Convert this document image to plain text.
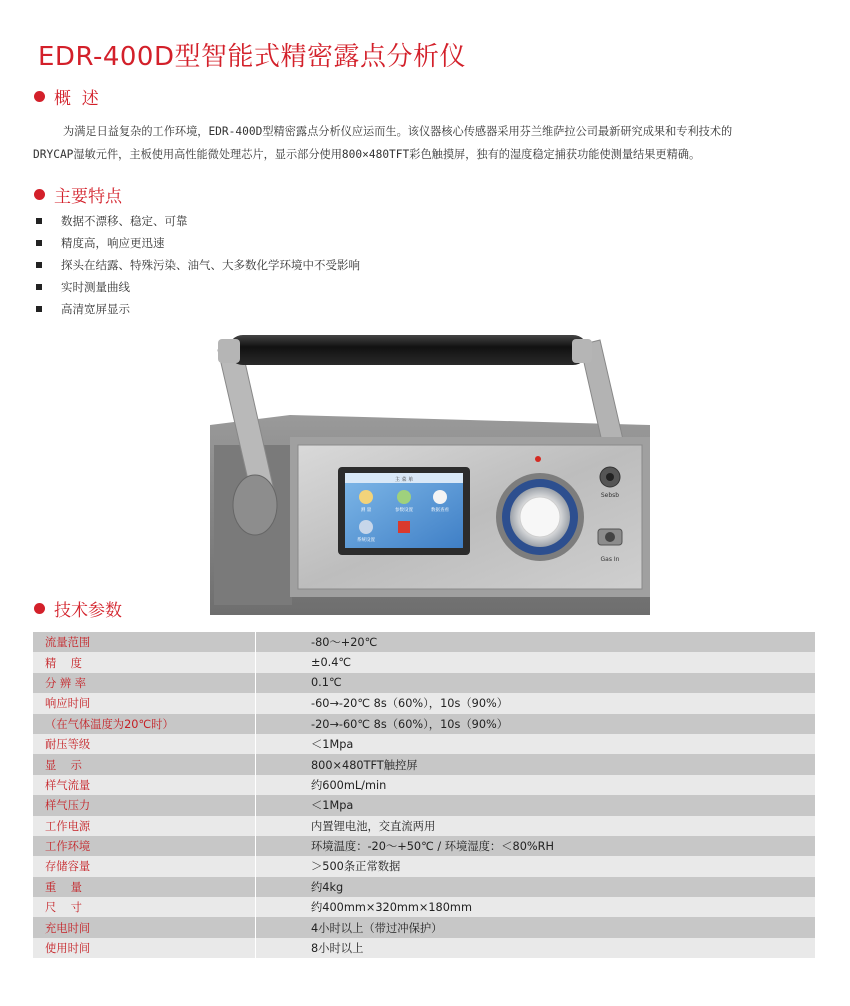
EDR-400D型智能式精密露点分析仪
概  述
为满足日益复杂的工作环境，EDR-400D型精密露点分析仪应运而生。该仪器核心传感器采用芬兰维萨拉公司最新研究成果和专利技术的
DRYCAP湿敏元件，主板使用高性能微处理芯片，显示部分使用800×480TFT彩色触摸屏，独有的湿度稳定捕获功能使测量结果更精确。
主要特点
数据不漂移、稳定、可靠
精度高，响应更迅速
探头在结露、特殊污染、油气、大多数化学环境中不受影响
实时测量曲线
高清宽屏显示
主 菜 单
测 量	参数设置	数据查看
系统设置
Sebsb
Gas In
技术参数
流量范围	-80～+20℃
精    度	±0.4℃
分 辨 率	0.1℃
响应时间	-60→-20℃ 8s（60%），10s（90%）
（在气体温度为20℃时）	-20→-60℃ 8s（60%），10s（90%）
耐压等级	＜1Mpa
显    示	800×480TFT触控屏
样气流量	约600mL/min
样气压力	＜1Mpa
工作电源	内置锂电池，交直流两用
工作环境	环境温度：-20～+50℃ / 环境湿度：＜80%RH
存储容量	＞500条正常数据
重    量	约4kg
尺    寸	约400mm×320mm×180mm
充电时间	4小时以上（带过冲保护）
使用时间	8小时以上
